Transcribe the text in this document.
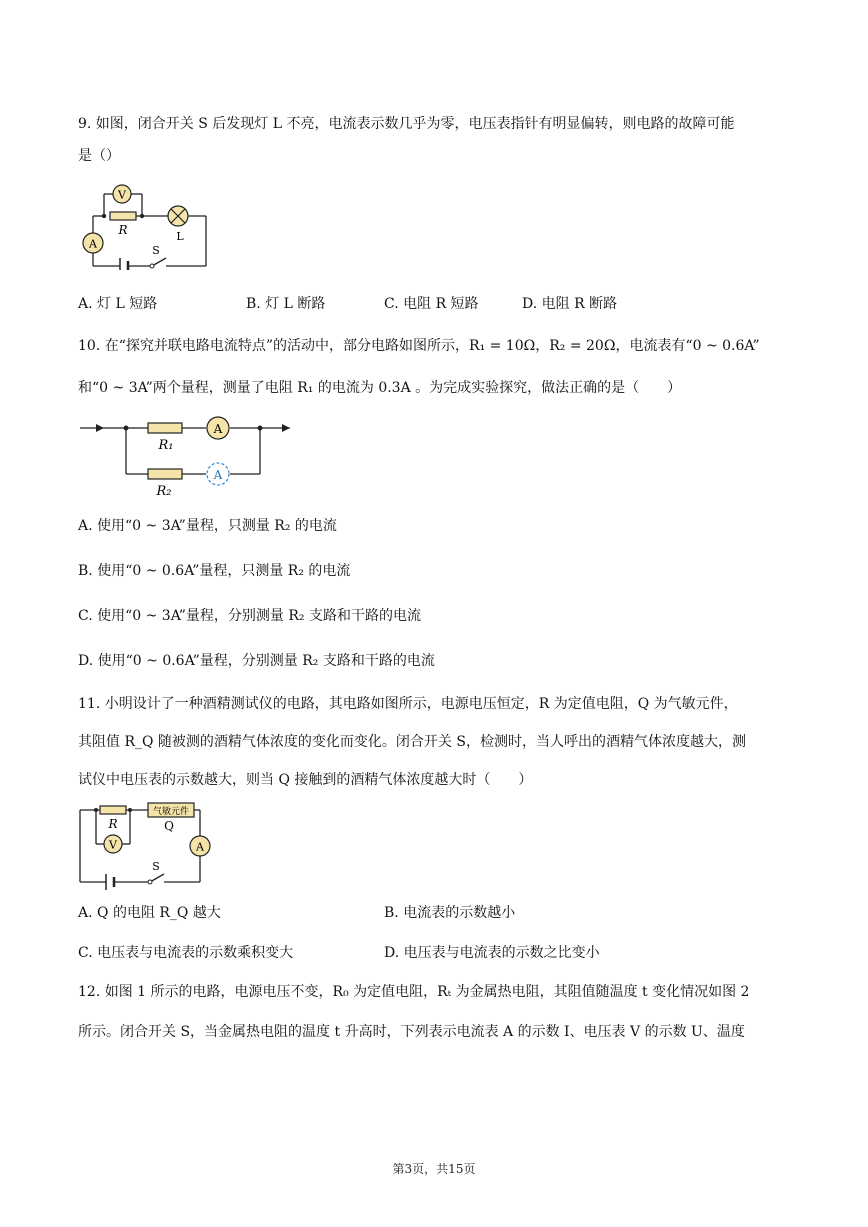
9. 如图，闭合开关 S 后发现灯 L 不亮，电流表示数几乎为零，电压表指针有明显偏转，则电路的故障可能
是（）
V
A
R	L
S
A. 灯 L 短路	B. 灯 L 断路	C. 电阻 R 短路	D. 电阻 R 断路
10. 在“探究并联电路电流特点”的活动中，部分电路如图所示，R₁ = 10Ω，R₂ = 20Ω，电流表有“0 ~ 0.6A”
和“0 ~ 3A”两个量程，测量了电阻 R₁ 的电流为 0.3A 。为完成实验探究，做法正确的是（　　）
A
A
R₁
R₂
A. 使用“0 ~ 3A”量程，只测量 R₂ 的电流
B. 使用“0 ~ 0.6A”量程，只测量 R₂ 的电流
C. 使用“0 ~ 3A”量程，分别测量 R₂ 支路和干路的电流
D. 使用“0 ~ 0.6A”量程，分别测量 R₂ 支路和干路的电流
11. 小明设计了一种酒精测试仪的电路，其电路如图所示，电源电压恒定，R 为定值电阻，Q 为气敏元件，
其阻值 R_Q 随被测的酒精气体浓度的变化而变化。闭合开关 S，检测时，当人呼出的酒精气体浓度越大，测
试仪中电压表的示数越大，则当 Q 接触到的酒精气体浓度越大时（　　）
气敏元件
V	A
R	Q
S
A. Q 的电阻 R_Q 越大	B. 电流表的示数越小
C. 电压表与电流表的示数乘积变大	D. 电压表与电流表的示数之比变小
12. 如图 1 所示的电路，电源电压不变，R₀ 为定值电阻，Rₜ 为金属热电阻，其阻值随温度 t 变化情况如图 2
所示。闭合开关 S，当金属热电阻的温度 t 升高时，下列表示电流表 A 的示数 I、电压表 V 的示数 U、温度
第3页，共15页
